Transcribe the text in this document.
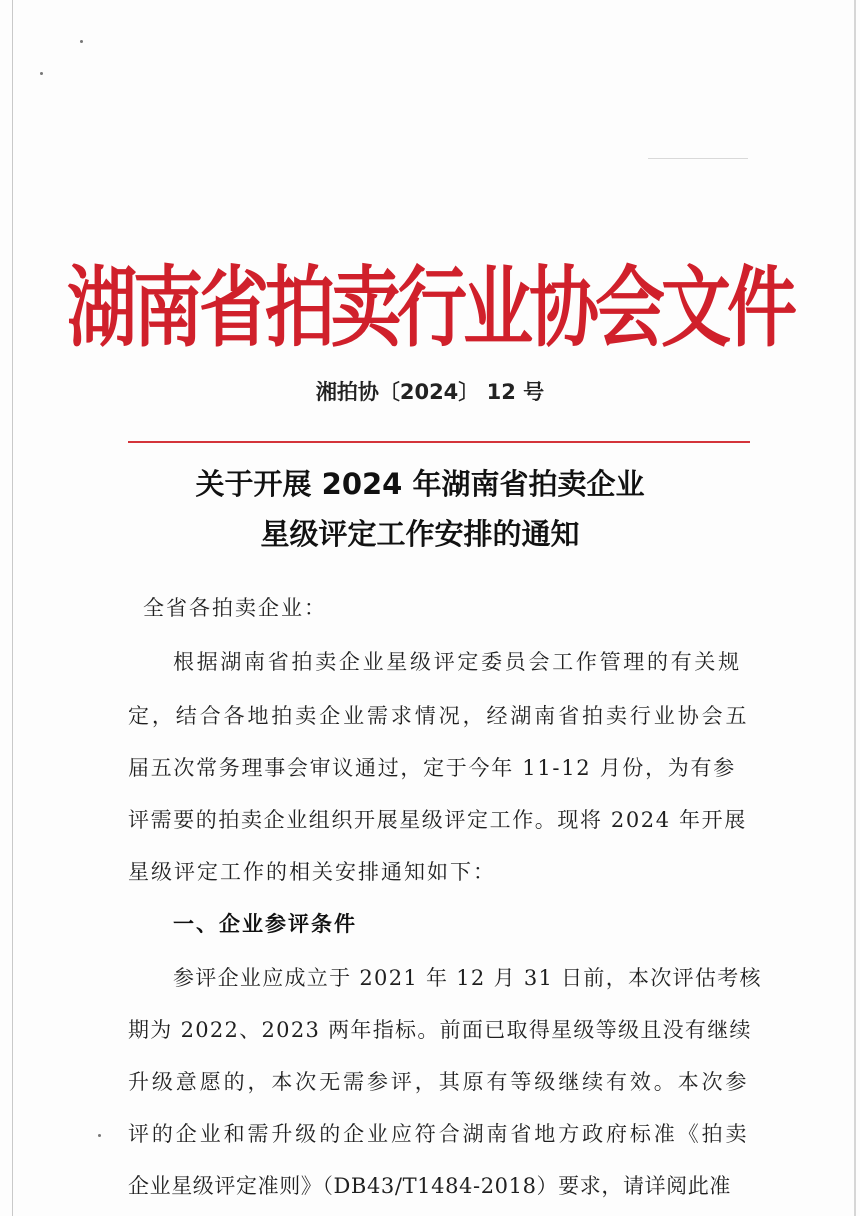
湖南省拍卖行业协会文件
湘拍协〔2024〕 12 号
关于开展 2024 年湖南省拍卖企业
星级评定工作安排的通知
全省各拍卖企业：
根据湖南省拍卖企业星级评定委员会工作管理的有关规
定，结合各地拍卖企业需求情况，经湖南省拍卖行业协会五
届五次常务理事会审议通过，定于今年 11-12 月份，为有参
评需要的拍卖企业组织开展星级评定工作。现将 2024 年开展
星级评定工作的相关安排通知如下：
一、企业参评条件
参评企业应成立于 2021 年 12 月 31 日前，本次评估考核
期为 2022、2023 两年指标。前面已取得星级等级且没有继续
升级意愿的，本次无需参评，其原有等级继续有效。本次参
评的企业和需升级的企业应符合湖南省地方政府标准《拍卖
企业星级评定准则》（DB43/T1484-2018）要求，请详阅此准
